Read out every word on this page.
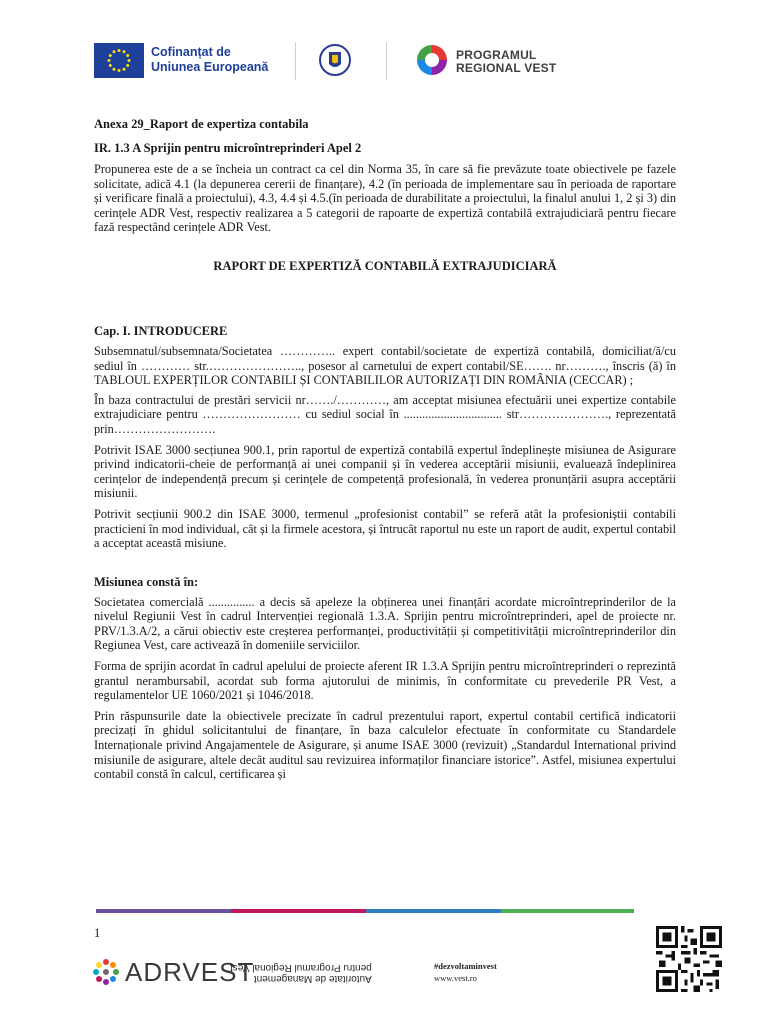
Cofinanțat de
Uniunea Europeană
PROGRAMUL
REGIONAL VEST
Anexa 29_Raport de expertiza contabila
IR. 1.3 A Sprijin pentru microîntreprinderi Apel 2
Propunerea este de a se încheia un contract ca cel din Norma 35, în care să fie prevăzute toate obiectivele pe fazele solicitate, adică 4.1 (la depunerea cererii de finanțare), 4.2 (în perioada de implementare sau în perioada de raportare și verificare finală a proiectului), 4.3, 4.4 și 4.5.(în perioada de durabilitate a proiectului, la finalul anului 1, 2 și 3) din cerințele ADR Vest, respectiv realizarea a 5 categorii de rapoarte de expertiză contabilă extrajudiciară pentru fiecare fază respectând cerințele ADR Vest.
RAPORT DE EXPERTIZĂ CONTABILĂ EXTRAJUDICIARĂ
Cap. I. INTRODUCERE
Subsemnatul/subsemnata/Societatea ………….. expert contabil/societate de expertiză contabilă, domiciliat/ă/cu sediul în ………… str.………………….., posesor al carnetului de expert contabil/SE……. nr………., înscris (ă) în TABLOUL EXPERȚILOR CONTABILI ȘI CONTABILILOR AUTORIZAȚI DIN ROMÂNIA (CECCAR) ;
În baza contractului de prestări servicii nr……./…………, am acceptat misiunea efectuării unei expertize contabile extrajudiciare pentru …………………… cu sediul social în ................................ str…………………., reprezentată prin…………………….
Potrivit ISAE 3000 secțiunea 900.1, prin raportul de expertiză contabilă expertul îndeplinește misiunea de Asigurare privind indicatorii-cheie de performanță ai unei companii și în vederea acceptării misiunii, evaluează îndeplinirea cerințelor de independență precum și cerințele de competență profesională, în vederea pronunțării asupra acceptării misiunii.
Potrivit secțiunii 900.2 din ISAE 3000, termenul „profesionist contabil” se referă atât la profesioniștii contabili practicieni în mod individual, cât și la firmele acestora, și întrucât raportul nu este un raport de audit, expertul contabil a acceptat această misiune.
Misiunea constă în:
Societatea comercială ............... a decis să apeleze la obținerea unei finanțări acordate microîntreprinderilor de la nivelul Regiunii Vest în cadrul Intervenției regională 1.3.A. Sprijin pentru microîntreprinderi, apel de proiecte nr. PRV/1.3.A/2, a cărui obiectiv este creșterea performanței, productivității și competitivității microîntreprinderilor din Regiunea Vest, care activează în domeniile serviciilor.
Forma de sprijin acordat în cadrul apelului de proiecte aferent IR 1.3.A Sprijin pentru microîntreprinderi o reprezintă grantul nerambursabil, acordat sub forma ajutorului de minimis, în conformitate cu prevederile PR Vest, a regulamentelor UE 1060/2021 și 1046/2018.
Prin răspunsurile date la obiectivele precizate în cadrul prezentului raport, expertul contabil certifică indicatorii precizați în ghidul solicitantului de finanțare, în baza calculelor efectuate în conformitate cu Standardele Internaționale privind Angajamentele de Asigurare, și anume ISAE 3000 (revizuit) „Standardul International privind misiunile de asigurare, altele decât auditul sau revizuirea informaților financiare istorice”. Astfel, misiunea expertului contabil constă în calcul, certificarea și
1
ADRVEST Autoritate de Management
pentru Programul Regional Vest	#dezvoltaminvest
www.vest.ro
